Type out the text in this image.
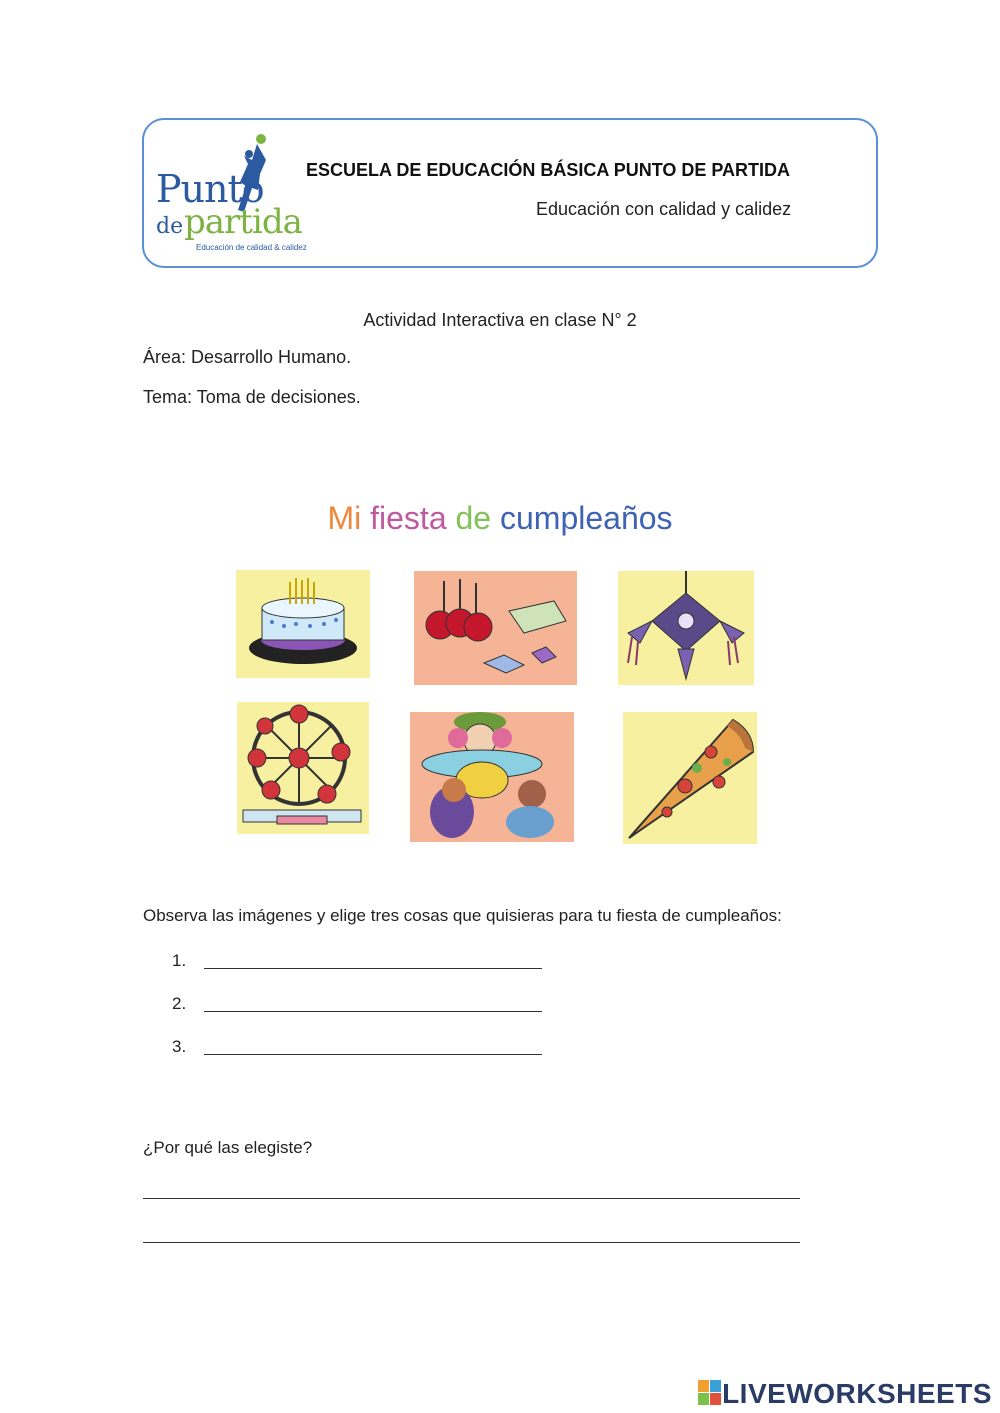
Punto
de partida
Educación de calidad & calidez
ESCUELA DE EDUCACIÓN BÁSICA PUNTO DE PARTIDA
Educación con calidad y calidez
Actividad Interactiva en clase N° 2
Área: Desarrollo Humano.
Tema: Toma de decisiones.
Mi fiesta de cumpleaños
Observa las imágenes y elige tres cosas que quisieras para tu fiesta de cumpleaños:
1.
2.
3.
¿Por qué las elegiste?
LIVEWORKSHEETS
